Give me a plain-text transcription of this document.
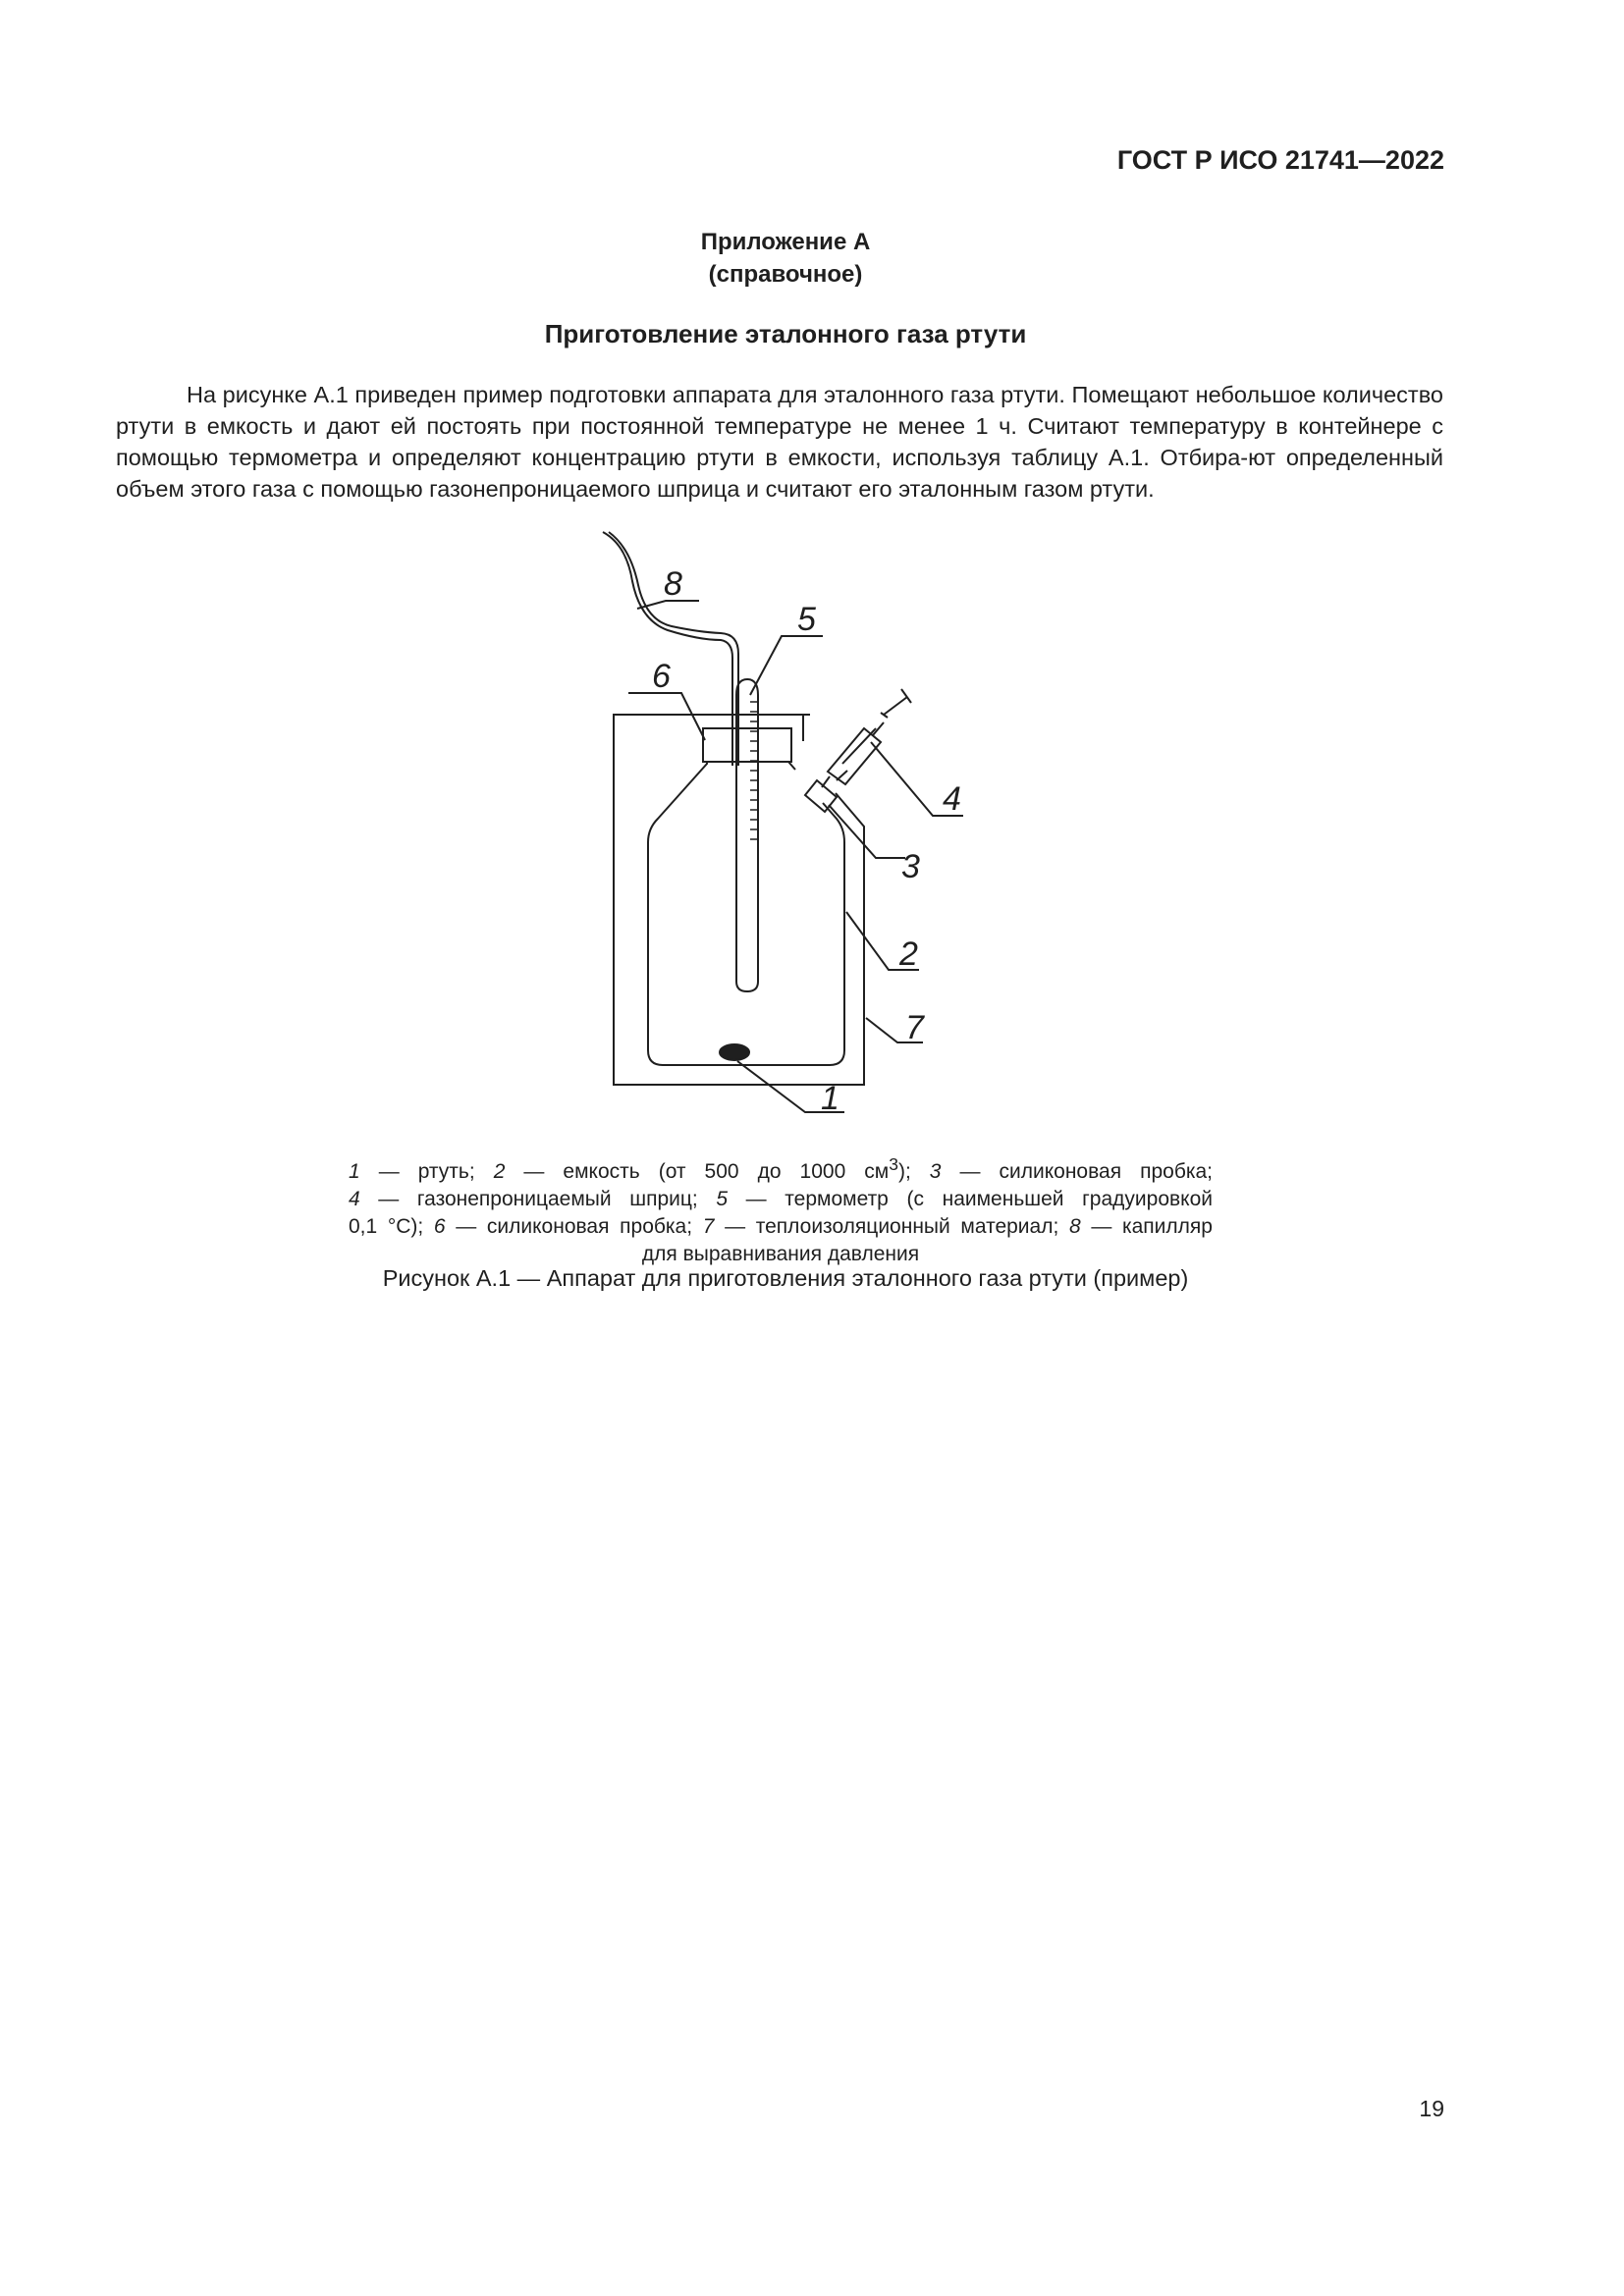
ГОСТ Р ИСО 21741—2022
Приложение А
(справочное)
Приготовление эталонного газа ртути
На рисунке А.1 приведен пример подготовки аппарата для эталонного газа ртути. Помещают небольшое количество ртути в емкость и дают ей постоять при постоянной температуре не менее 1 ч. Считают температуру в контейнере с помощью термометра и определяют концентрацию ртути в емкости, используя таблицу А.1. Отбира-ют определенный объем этого газа с помощью газонепроницаемого шприца и считают его эталонным газом ртути.
8
5
6
4
3
2
7
1
1 — ртуть; 2 — емкость (от 500 до 1000 $см^3$); 3 — силиконовая пробка;
4 — газонепроницаемый шприц; 5 — термометр (с наименьшей градуировкой
0,1 °С); 6 — силиконовая пробка; 7 — теплоизоляционный материал; 8 — капилляр
для выравнивания давления
Рисунок А.1 — Аппарат для приготовления эталонного газа ртути (пример)
19
